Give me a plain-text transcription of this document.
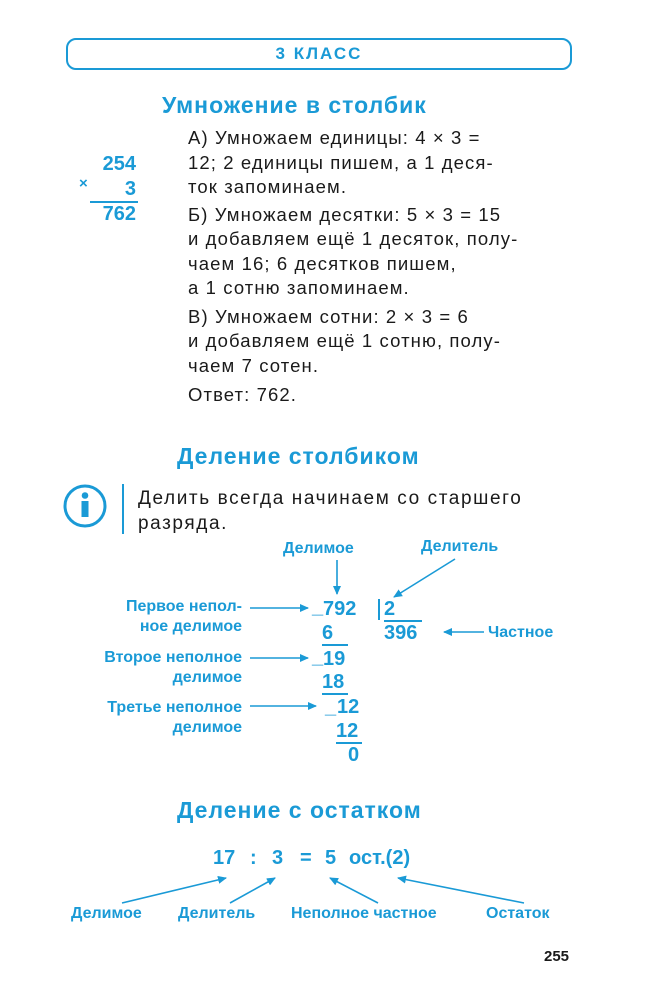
3 КЛАСС
Умножение в столбик
254
×	3
762
А) Умножаем единицы: 4 × 3 =
12; 2 единицы пишем, а 1 деся-
ток запоминаем.
Б) Умножаем десятки: 5 × 3 = 15
и добавляем ещё 1 десяток, полу-
чаем 16; 6 десятков пишем,
а 1 сотню запоминаем.
В) Умножаем сотни: 2 × 3 = 6
и добавляем ещё 1 сотню, полу-
чаем 7 сотен.
Ответ: 762.
Деление столбиком
Делить всегда начинаем со старшего
разряда.
Делимое	Делитель
Частное
Первое непол-
ное делимое
Второе неполное
делимое
Третье неполное
делимое
_ 792 2
396
6
_ 19
18
_ 12
12
0
Деление с остатком
17 : 3 = 5 ост.(2)
Делимое Делитель Неполное частное	Остаток
255
